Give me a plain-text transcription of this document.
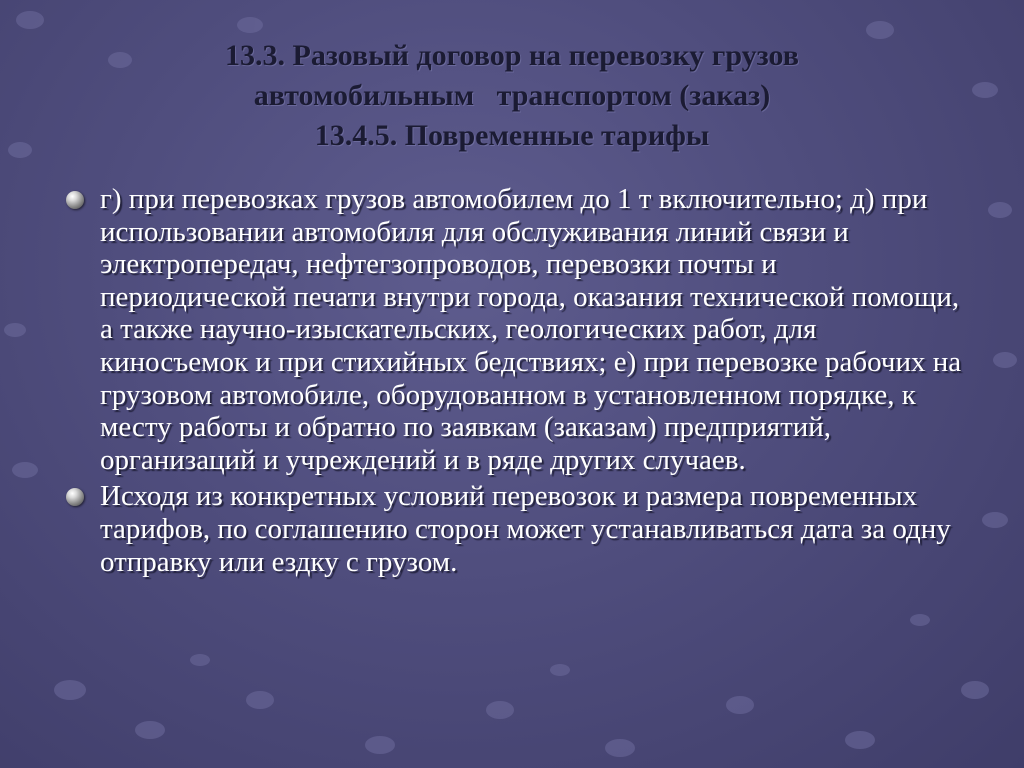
13.3. Разовый договор на перевозку грузов
автомобильным   транспортом (заказ)
13.4.5. Повременные тарифы
г) при перевозках грузов автомобилем до 1 т включительно; д) при использовании автомобиля для обслуживания линий связи и электропередач, нефтегзопроводов, перевозки почты и периодической печати внутри города, оказания технической помощи, а также научно-изыскательских, геологических работ, для киносъемок и при стихийных бедствиях; е) при перевозке рабочих на грузовом автомобиле, оборудованном в установленном порядке, к месту работы и обратно по заявкам (заказам) предприятий, организаций и учреждений и в ряде других случаев.
Исходя из конкретных условий перевозок и размера повременных тарифов, по соглашению сторон может устанавливаться дата за одну отправку или ездку с грузом.
